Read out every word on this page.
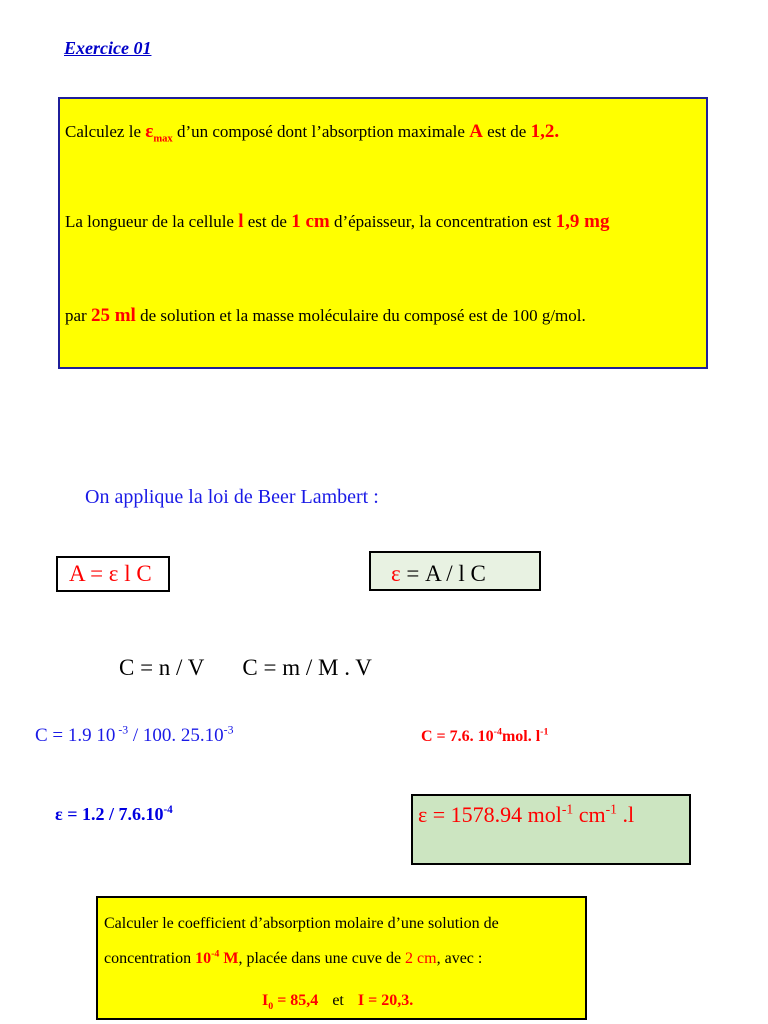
Exercice 01
Calculez le $\varepsilon_{max}$ d’un composé dont l’absorption maximale A est de 1,2.
La longueur de la cellule l est de 1 cm d’épaisseur, la concentration est 1,9 mg
par 25 ml de solution et la masse moléculaire du composé est de 100 g/mol.
On applique la loi de Beer Lambert :
A = ε l C	ε = A / l C
C = n / V C = m / M . V
C = 1.9 10 $^{-3}$ / 100. $25.10^{-3}$	C = 7.6. $10^{-4}mol$. $l^{-1}$
$\varepsilon = 1.2 / 7.6.10^{-4}$	ε = 1578.94 mol$^{-1}$ $cm^{-1}$ .l
Calculer le coefficient d’absorption molaire d’une solution de
concentration $10^{-4}$ M, placée dans une cuve de 2 cm, avec :
$I_0 = 85,4$ et I = 20,3.
